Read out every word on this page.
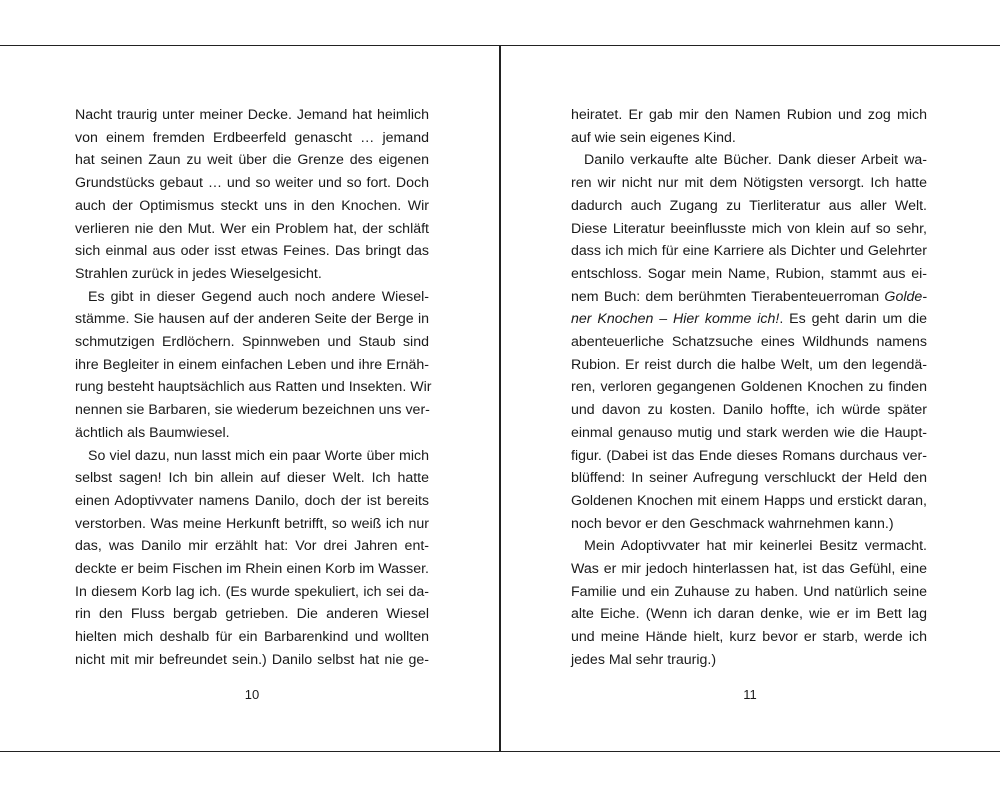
Nacht traurig unter meiner Decke. Jemand hat heimlich
von einem fremden Erdbeerfeld genascht … jemand
hat seinen Zaun zu weit über die Grenze des eigenen
Grundstücks gebaut … und so weiter und so fort. Doch
auch der Optimismus steckt uns in den Knochen. Wir
verlieren nie den Mut. Wer ein Problem hat, der schläft
sich einmal aus oder isst etwas Feines. Das bringt das
Strahlen zurück in jedes Wieselgesicht.
Es gibt in dieser Gegend auch noch andere Wiesel-
stämme. Sie hausen auf der anderen Seite der Berge in
schmutzigen Erdlöchern. Spinnweben und Staub sind
ihre Begleiter in einem einfachen Leben und ihre Ernäh-
rung besteht hauptsächlich aus Ratten und Insekten. Wir
nennen sie Barbaren, sie wiederum bezeichnen uns ver-
ächtlich als Baumwiesel.
So viel dazu, nun lasst mich ein paar Worte über mich
selbst sagen! Ich bin allein auf dieser Welt. Ich hatte
einen Adoptivvater namens Danilo, doch der ist bereits
verstorben. Was meine Herkunft betrifft, so weiß ich nur
das, was Danilo mir erzählt hat: Vor drei Jahren ent-
deckte er beim Fischen im Rhein einen Korb im Wasser.
In diesem Korb lag ich. (Es wurde spekuliert, ich sei da-
rin den Fluss bergab getrieben. Die anderen Wiesel
hielten mich deshalb für ein Barbarenkind und wollten
nicht mit mir befreundet sein.) Danilo selbst hat nie ge-
10
heiratet. Er gab mir den Namen Rubion und zog mich
auf wie sein eigenes Kind.
Danilo verkaufte alte Bücher. Dank dieser Arbeit wa-
ren wir nicht nur mit dem Nötigsten versorgt. Ich hatte
dadurch auch Zugang zu Tierliteratur aus aller Welt.
Diese Literatur beeinflusste mich von klein auf so sehr,
dass ich mich für eine Karriere als Dichter und Gelehrter
entschloss. Sogar mein Name, Rubion, stammt aus ei-
nem Buch: dem berühmten Tierabenteuerroman Golde-
ner Knochen – Hier komme ich!. Es geht darin um die
abenteuerliche Schatzsuche eines Wildhunds namens
Rubion. Er reist durch die halbe Welt, um den legendä-
ren, verloren gegangenen Goldenen Knochen zu finden
und davon zu kosten. Danilo hoffte, ich würde später
einmal genauso mutig und stark werden wie die Haupt-
figur. (Dabei ist das Ende dieses Romans durchaus ver-
blüffend: In seiner Aufregung verschluckt der Held den
Goldenen Knochen mit einem Happs und erstickt daran,
noch bevor er den Geschmack wahrnehmen kann.)
Mein Adoptivvater hat mir keinerlei Besitz vermacht.
Was er mir jedoch hinterlassen hat, ist das Gefühl, eine
Familie und ein Zuhause zu haben. Und natürlich seine
alte Eiche. (Wenn ich daran denke, wie er im Bett lag
und meine Hände hielt, kurz bevor er starb, werde ich
jedes Mal sehr traurig.)
11
